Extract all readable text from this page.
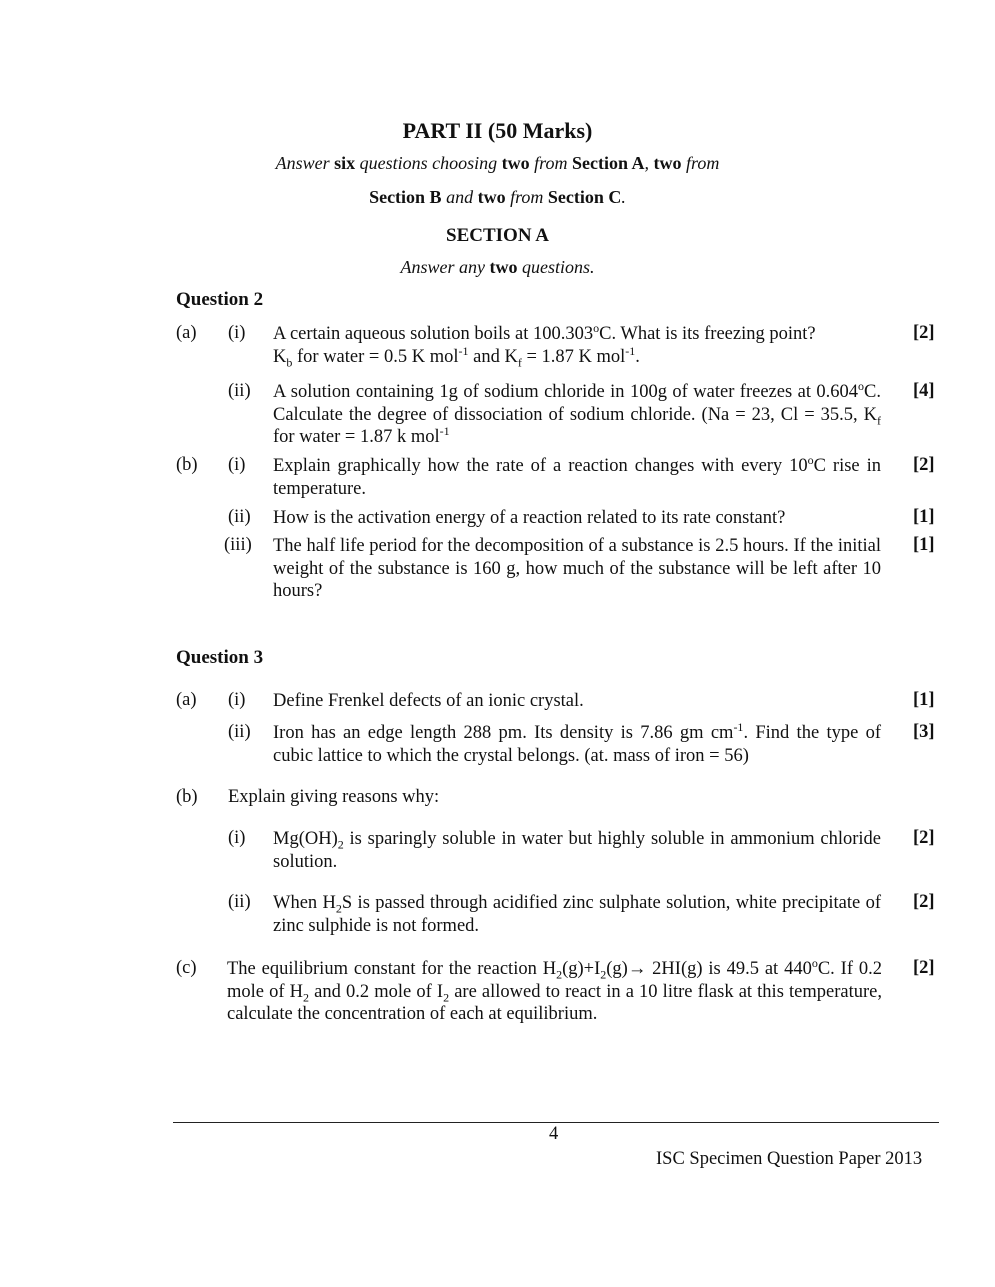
PART II (50 Marks)
Answer six questions choosing two from Section A, two from
Section B and two from Section C.
SECTION A
Answer any two questions.
Question 2
(a) (i) A certain aqueous solution boils at 100.303$^o$C. What is its freezing point?
$K_b$ for water = 0.5 K mol$^{-1}$ and $K_f = 1.87$ K mol$^{-1}$.
[2]
(ii) A solution containing 1g of sodium chloride in 100g of water freezes at 0.604$^o$C. Calculate the degree of dissociation of sodium chloride. (Na = 23, Cl = 35.5, $K_f$ for water = 1.87 k mol$^{-1}$
[4]
(b) (i) Explain graphically how the rate of a reaction changes with every 10$^o$C rise in temperature.
[2]
(ii) How is the activation energy of a reaction related to its rate constant?	[1]
(iii) The half life period for the decomposition of a substance is 2.5 hours. If the initial weight of the substance is 160 g, how much of the substance will be left after 10 hours?
[1]
Question 3
(a) (i) Define Frenkel defects of an ionic crystal.	[1]
(ii) Iron has an edge length 288 pm. Its density is 7.86 gm $cm^{-1}$. Find the type of cubic lattice to which the crystal belongs. (at. mass of iron = 56)
[3]
(b) Explain giving reasons why:
(i) $Mg(OH)_2$ is sparingly soluble in water but highly soluble in ammonium chloride solution.
[2]
(ii) When $H_2S$ is passed through acidified zinc sulphate solution, white precipitate of zinc sulphide is not formed.
[2]
(c) The equilibrium constant for the reaction $H_2(g)+I_2(g)\to 2HI(g)$ is 49.5 at 440$^o$C. If 0.2 mole of $H_2$ and 0.2 mole of $I_2$ are allowed to react in a 10 litre flask at this temperature, calculate the concentration of each at equilibrium.
[2]
4
ISC Specimen Question Paper 2013
